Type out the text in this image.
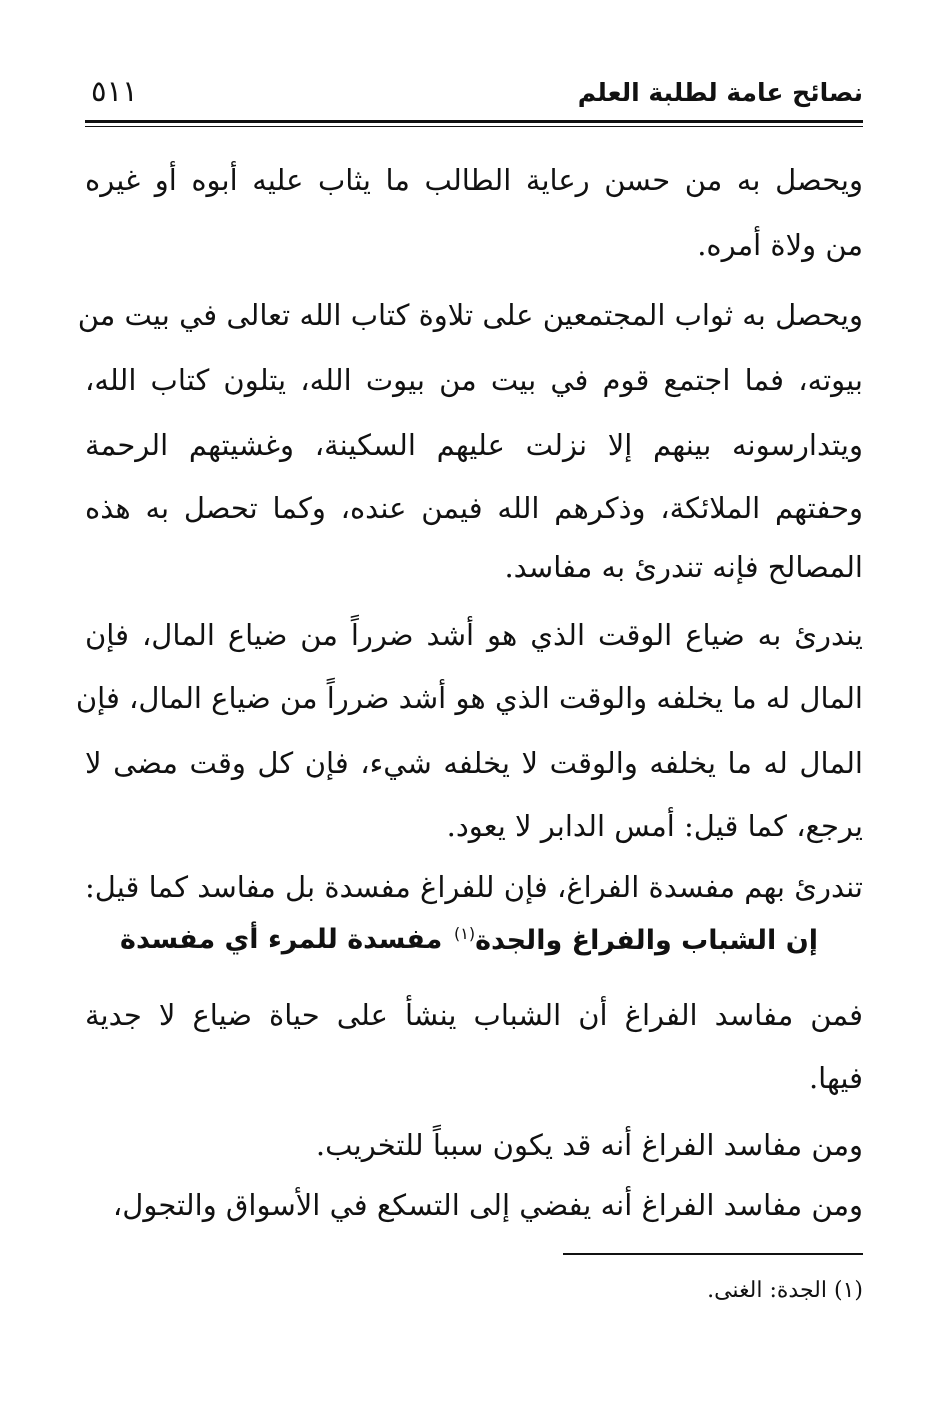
نصائح عامة لطلبة العلم
٥١١
ويحصل به من حسن رعاية الطالب ما يثاب عليه أبوه أو غيره
من ولاة أمره.
ويحصل به ثواب المجتمعين على تلاوة كتاب الله تعالى في بيت من
بيوته، فما اجتمع قوم في بيت من بيوت الله، يتلون كتاب الله،
ويتدارسونه بينهم إلا نزلت عليهم السكينة، وغشيتهم الرحمة
وحفتهم الملائكة، وذكرهم الله فيمن عنده، وكما تحصل به هذه
المصالح فإنه تندرئ به مفاسد.
يندرئ به ضياع الوقت الذي هو أشد ضرراً من ضياع المال، فإن
المال له ما يخلفه والوقت الذي هو أشد ضرراً من ضياع المال، فإن
المال له ما يخلفه والوقت لا يخلفه شيء، فإن كل وقت مضى لا
يرجع، كما قيل: أمس الدابر لا يعود.
تندرئ بهم مفسدة الفراغ، فإن للفراغ مفسدة بل مفاسد كما قيل:
إن الشباب والفراغ والجدة$^{(١)}$
مفسدة للمرء أي مفسدة
فمن مفاسد الفراغ أن الشباب ينشأ على حياة ضياع لا جدية
فيها.
ومن مفاسد الفراغ أنه قد يكون سبباً للتخريب.
ومن مفاسد الفراغ أنه يفضي إلى التسكع في الأسواق والتجول،
(١) الجدة: الغنى.
